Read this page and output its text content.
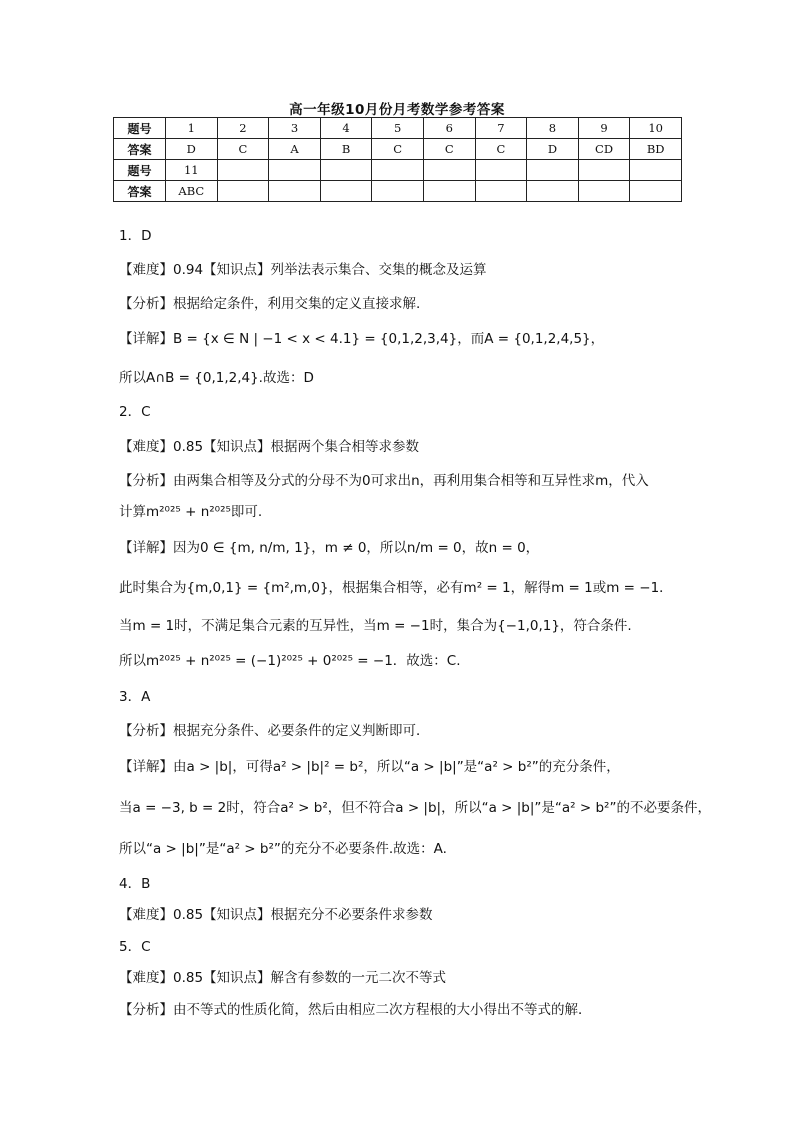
高一年级10月份月考数学参考答案
题号	1	2	3	4	5	6	7	8	9	10
答案	D	C	A	B	C	C	C	D	CD	BD
题号	11									
答案	ABC									
1．D
【难度】0.94【知识点】列举法表示集合、交集的概念及运算
【分析】根据给定条件，利用交集的定义直接求解.
【详解】B = {x ∈ N | −1 < x < 4.1} = {0,1,2,3,4}，而A = {0,1,2,4,5}，
所以A∩B = {0,1,2,4}.故选：D
2．C
【难度】0.85【知识点】根据两个集合相等求参数
【分析】由两集合相等及分式的分母不为0可求出n，再利用集合相等和互异性求m，代入
计算m²⁰²⁵ + n²⁰²⁵即可.
【详解】因为0 ∈ {m, n/m, 1}，m ≠ 0，所以n/m = 0，故n = 0，
此时集合为{m,0,1} = {m²,m,0}，根据集合相等，必有m² = 1，解得m = 1或m = −1．
当m = 1时，不满足集合元素的互异性，当m = −1时，集合为{−1,0,1}，符合条件.
所以m²⁰²⁵ + n²⁰²⁵ = (−1)²⁰²⁵ + 0²⁰²⁵ = −1．故选：C.
3．A
【分析】根据充分条件、必要条件的定义判断即可．
【详解】由a > |b|，可得a² > |b|² = b²，所以“a > |b|”是“a² > b²”的充分条件，
当a = −3, b = 2时，符合a² > b²，但不符合a > |b|，所以“a > |b|”是“a² > b²”的不必要条件，
所以“a > |b|”是“a² > b²”的充分不必要条件.故选：A.
4．B
【难度】0.85【知识点】根据充分不必要条件求参数
5．C
【难度】0.85【知识点】解含有参数的一元二次不等式
【分析】由不等式的性质化简，然后由相应二次方程根的大小得出不等式的解．
